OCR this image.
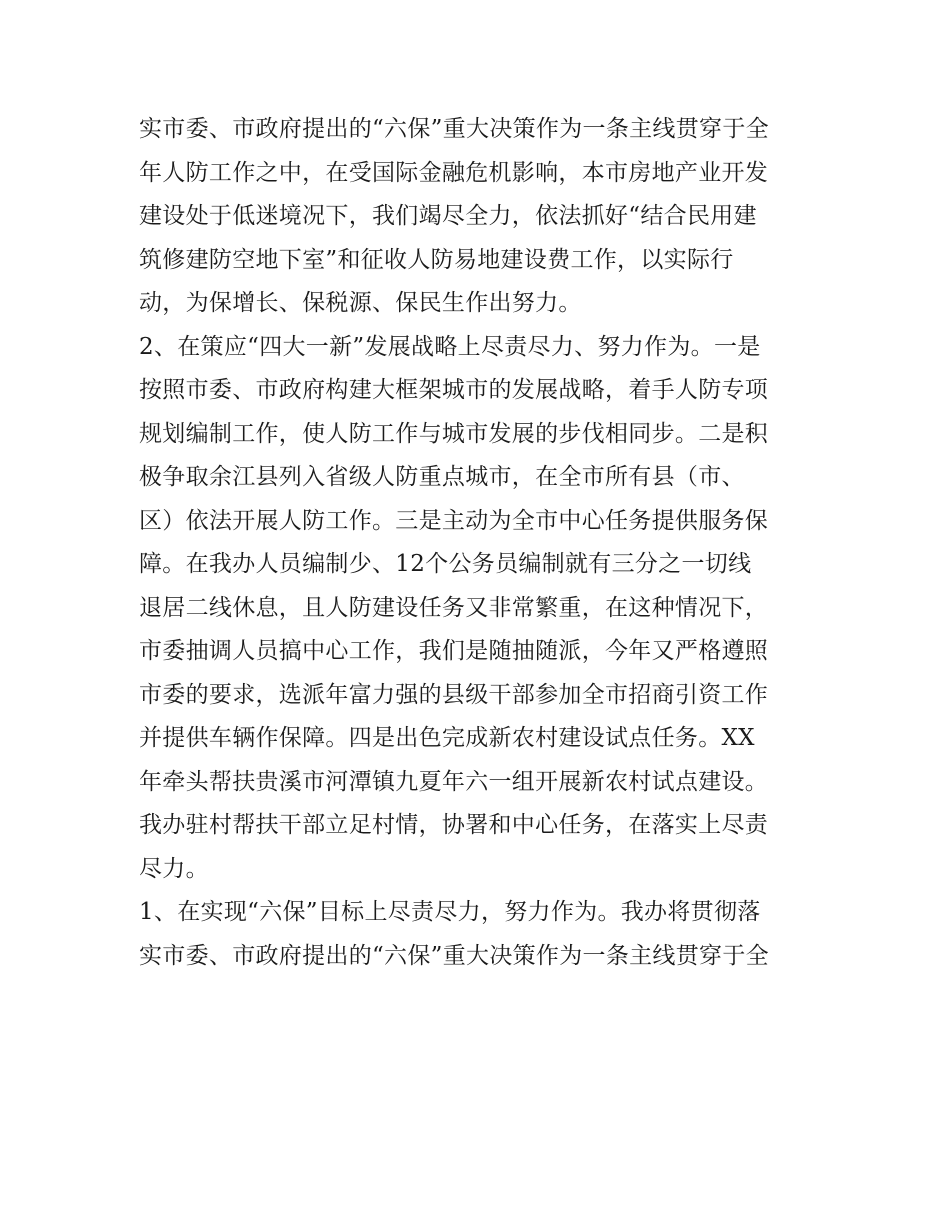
实市委、市政府提出的“六保”重大决策作为一条主线贯穿于全
年人防工作之中，在受国际金融危机影响，本市房地产业开发
建设处于低迷境况下，我们竭尽全力，依法抓好“结合民用建
筑修建防空地下室”和征收人防易地建设费工作，以实际行
动，为保增长、保税源、保民生作出努力。
2、在策应“四大一新”发展战略上尽责尽力、努力作为。一是
按照市委、市政府构建大框架城市的发展战略，着手人防专项
规划编制工作，使人防工作与城市发展的步伐相同步。二是积
极争取余江县列入省级人防重点城市，在全市所有县（市、
区）依法开展人防工作。三是主动为全市中心任务提供服务保
障。在我办人员编制少、12个公务员编制就有三分之一切线
退居二线休息，且人防建设任务又非常繁重，在这种情况下，
市委抽调人员搞中心工作，我们是随抽随派，今年又严格遵照
市委的要求，选派年富力强的县级干部参加全市招商引资工作
并提供车辆作保障。四是出色完成新农村建设试点任务。XX
年牵头帮扶贵溪市河潭镇九夏年六一组开展新农村试点建设。
我办驻村帮扶干部立足村情，协署和中心任务，在落实上尽责
尽力。
1、在实现“六保”目标上尽责尽力，努力作为。我办将贯彻落
实市委、市政府提出的“六保”重大决策作为一条主线贯穿于全
